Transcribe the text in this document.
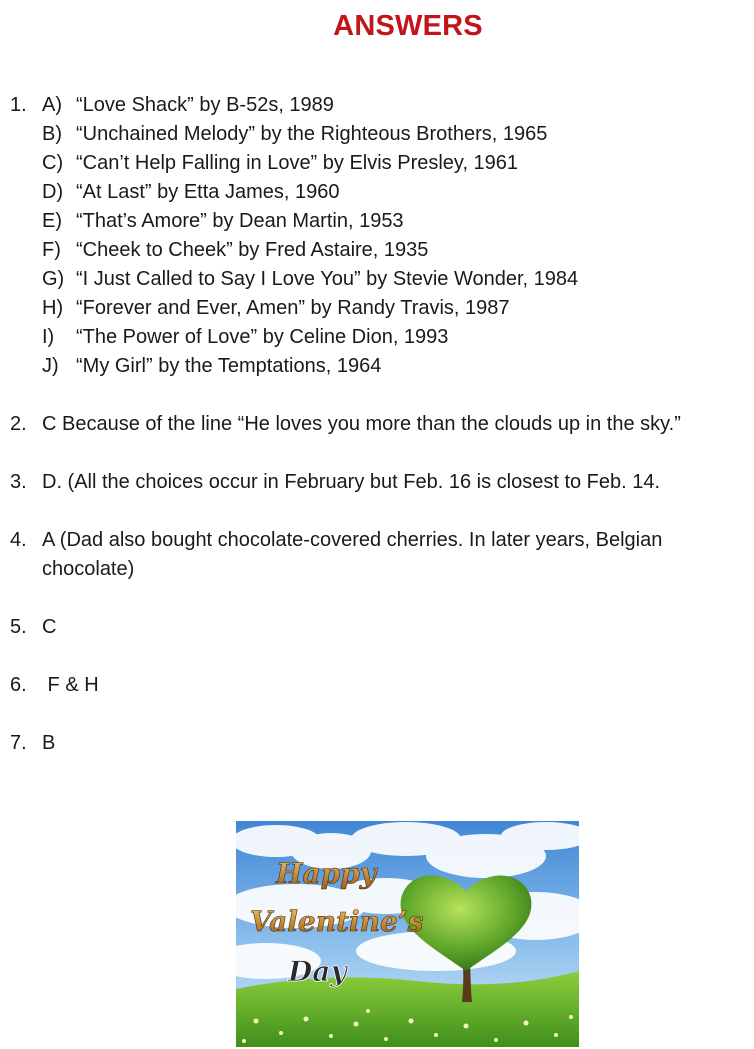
ANSWERS
1. A) “Love Shack” by B-52s, 1989
B) “Unchained Melody” by the Righteous Brothers, 1965
C) “Can’t Help Falling in Love” by Elvis Presley, 1961
D) “At Last” by Etta James, 1960
E) “That’s Amore” by Dean Martin, 1953
F) “Cheek to Cheek” by Fred Astaire, 1935
G) “I Just Called to Say I Love You” by Stevie Wonder, 1984
H) “Forever and Ever, Amen” by Randy Travis, 1987
I) “The Power of Love” by Celine Dion, 1993
J) “My Girl” by the Temptations, 1964
2. C Because of the line “He loves you more than the clouds up in the sky.”
3. D. (All the choices occur in February but Feb. 16 is closest to Feb. 14.
4. A (Dad also bought chocolate-covered cherries. In later years, Belgian chocolate)
5. C
6. F & H
7. B
Happy
Valentine’s
Day
